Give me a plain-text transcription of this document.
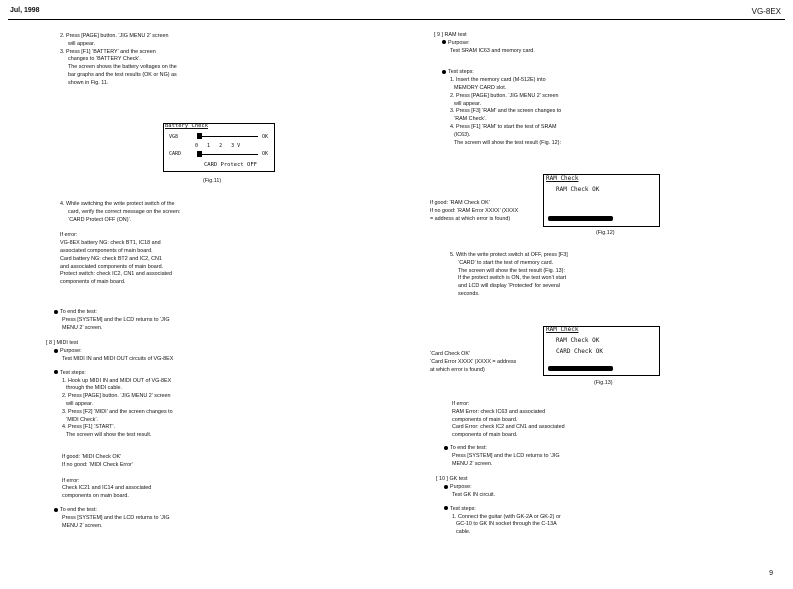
Jul, 1998	VG-8EX

2. Press [PAGE] button. ‘JIG MENU 2’ screen

will appear.

3. Press [F1] ‘BATTERY’ and the screen

changes to ‘BATTERY Check’.

The screen shows the battery voltages on the

bar graphs and the test results (OK or NG) as

shown in Fig. 11.

Battery Check
VG8	OK
0   1   2   3 V
CARD	OK
CARD Protect OFF
(Fig.11)

4. While switching the write protect switch of the

card, verify the correct message on the screen:

‘CARD Protect OFF (ON)’.

If error:

VG-8EX battery NG: check BT1, IC18 and

associated components of main board.

Card battery NG: check BT2 and IC2, CN1

and associated components of main board.

Protect switch: check IC2, CN1 and associated

components of main board.

To end the test:

Press [SYSTEM] and the LCD returns to ‘JIG

MENU 2’ screen.

[ 8 ] MIDI test

Purpose:

Test MIDI IN and MIDI OUT circuits of VG-8EX

Test steps:

1. Hook up MIDI IN and MIDI OUT of VG-8EX

through the MIDI cable.

2. Press [PAGE] button. ‘JIG MENU 2’ screen

will appear.

3. Press [F2] ‘MIDI’ and the screen changes to

‘MIDI Check’.

4. Press [F1] ‘START’.

The screen will show the test result.

If good: ‘MIDI Check OK’

If no good: ‘MIDI Check Error’

If error:

Check IC21 and IC14 and associated

components on main board.

To end the test:

Press [SYSTEM] and the LCD returns to ‘JIG

MENU 2’ screen.

[ 9 ] RAM test

Purpose:

Test SRAM IC63 and memory card.

Test steps:

1. Insert the memory card (M-512E) into

MEMORY CARD slot.

2. Press [PAGE] button. ‘JIG MENU 2’ screen

will appear.

3. Press [F3] ‘RAM’ and the screen changes to

‘RAM Check’.

4. Press [F1] ‘RAM’ to start the test of SRAM

(IC63).

The screen will show the test result (Fig. 12):

RAM Check
RAM Check OK
(Fig.12)

If good: ‘RAM Check OK’

If no good: ‘RAM Error XXXX’ (XXXX

= address at which error is found)

5. With the write protect switch at OFF, press [F3]

‘CARD’ to start the test of memory card.

The screen will show the test result (Fig. 13):

If the protect switch is ON, the test won’t start

and LCD will display ‘Protected’ for several

seconds.

RAM Check
RAM Check OK
CARD Check OK
(Fig.13)

‘Card Check OK’

‘Card Error XXXX’ (XXXX = address

at which error is found)

If error:

RAM Error: check IC63 and associated

components of main board.

Card Error: check IC2 and CN1 and associated

components of main board.

To end the test:

Press [SYSTEM] and the LCD returns to ‘JIG

MENU 2’ screen.

[ 10 ] GK test

Purpose:

Test GK IN circuit.

Test steps:

1. Connect the guitar (with GK-2A or GK-2) or

GC-10 to GK IN socket through the C-13A

cable.

9
